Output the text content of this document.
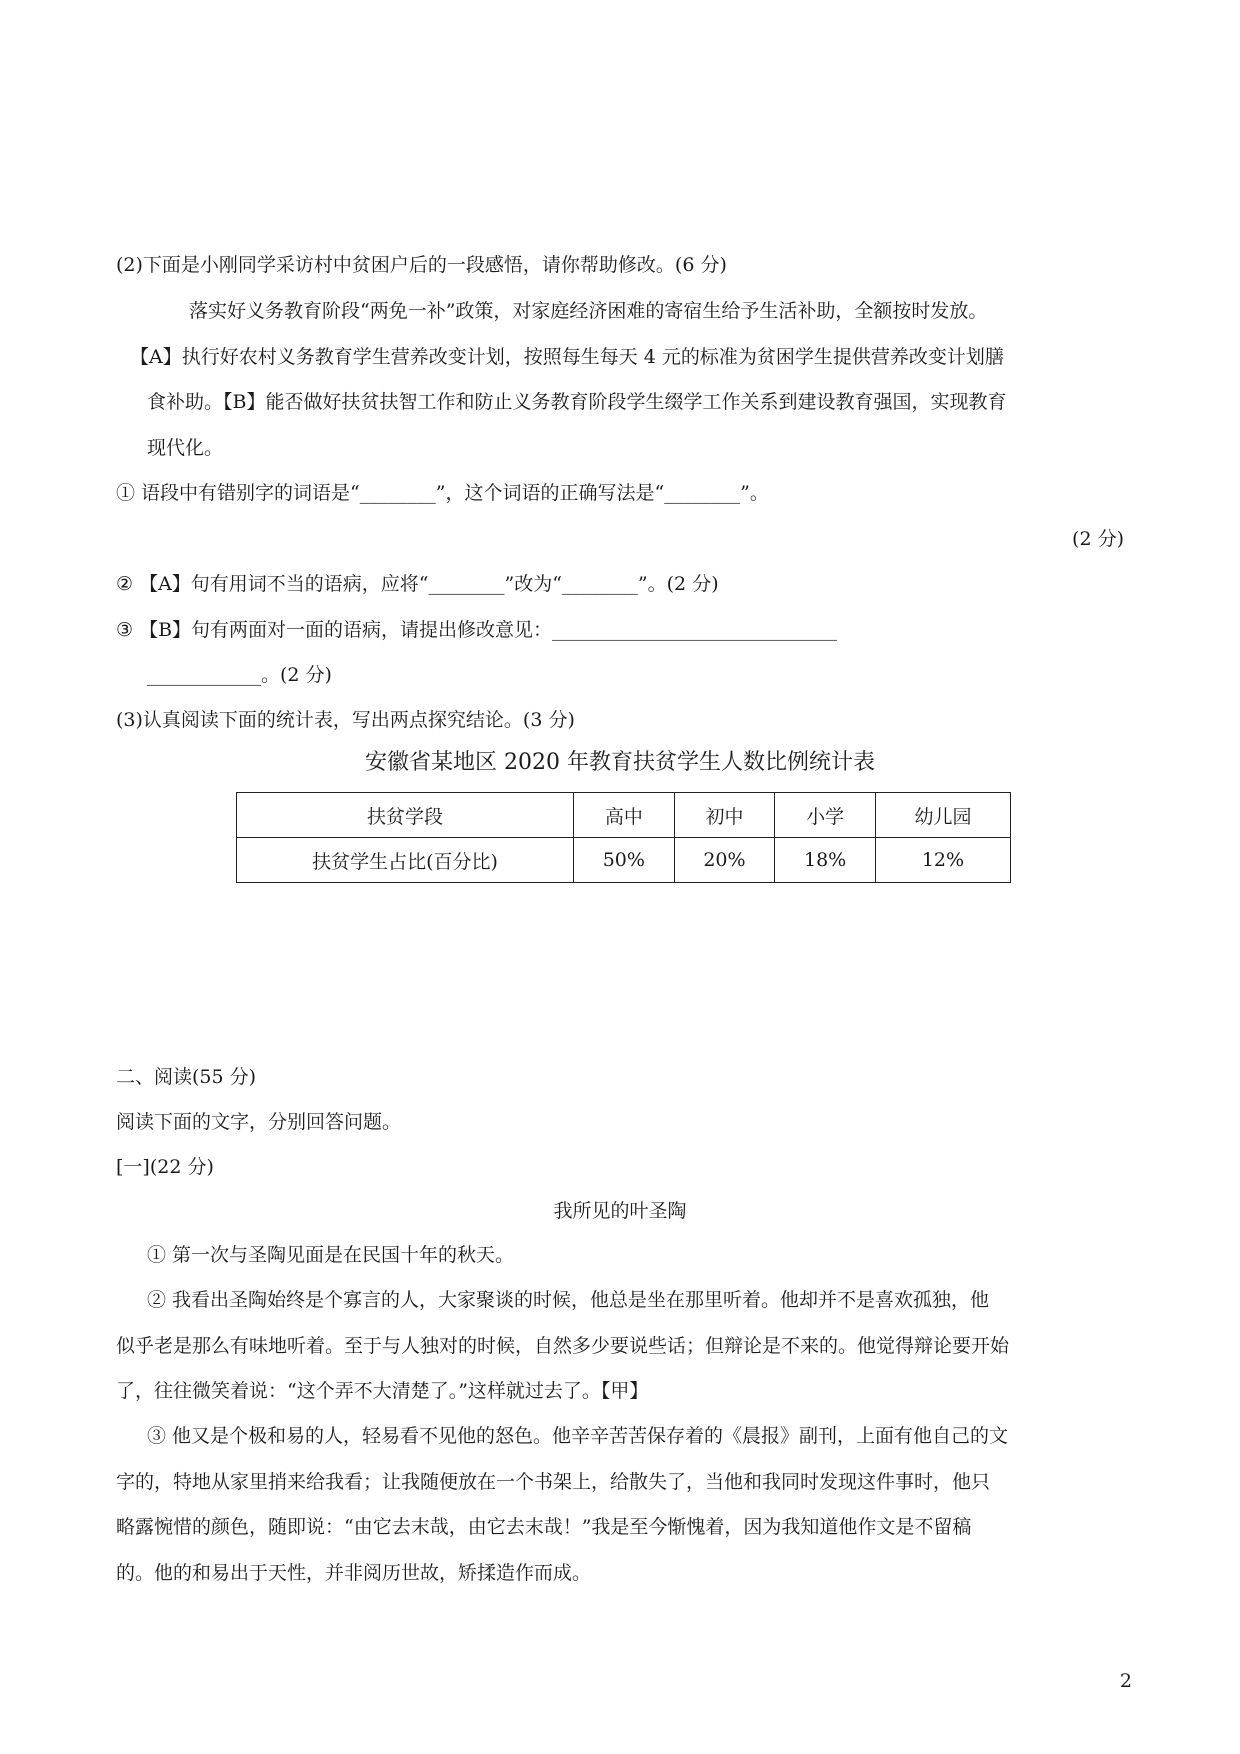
(2)下面是小刚同学采访村中贫困户后的一段感悟，请你帮助修改。(6 分)
落实好义务教育阶段“两免一补”政策，对家庭经济困难的寄宿生给予生活补助，全额按时发放。
【A】执行好农村义务教育学生营养改变计划，按照每生每天 4 元的标准为贫困学生提供营养改变计划膳
食补助。【B】能否做好扶贫扶智工作和防止义务教育阶段学生缀学工作关系到建设教育强国，实现教育
现代化。
① 语段中有错别字的词语是“________”，这个词语的正确写法是“________”。
(2 分)
② 【A】句有用词不当的语病，应将“________”改为“________”。(2 分)
③ 【B】句有两面对一面的语病，请提出修改意见：______________________________
____________。(2 分)
(3)认真阅读下面的统计表，写出两点探究结论。(3 分)
安徽省某地区 2020 年教育扶贫学生人数比例统计表
扶贫学段	高中	初中	小学	幼儿园
扶贫学生占比(百分比)	50%	20%	18%	12%
二、阅读(55 分)
阅读下面的文字，分别回答问题。
[一](22 分)
我所见的叶圣陶
① 第一次与圣陶见面是在民国十年的秋天。
② 我看出圣陶始终是个寡言的人，大家聚谈的时候，他总是坐在那里听着。他却并不是喜欢孤独，他
似乎老是那么有味地听着。至于与人独对的时候，自然多少要说些话；但辩论是不来的。他觉得辩论要开始
了，往往微笑着说：“这个弄不大清楚了。”这样就过去了。【甲】
③ 他又是个极和易的人，轻易看不见他的怒色。他辛辛苦苦保存着的《晨报》副刊，上面有他自己的文
字的，特地从家里捎来给我看；让我随便放在一个书架上，给散失了，当他和我同时发现这件事时，他只
略露惋惜的颜色，随即说：“由它去末哉，由它去末哉！”我是至今惭愧着，因为我知道他作文是不留稿
的。他的和易出于天性，并非阅历世故，矫揉造作而成。
2
